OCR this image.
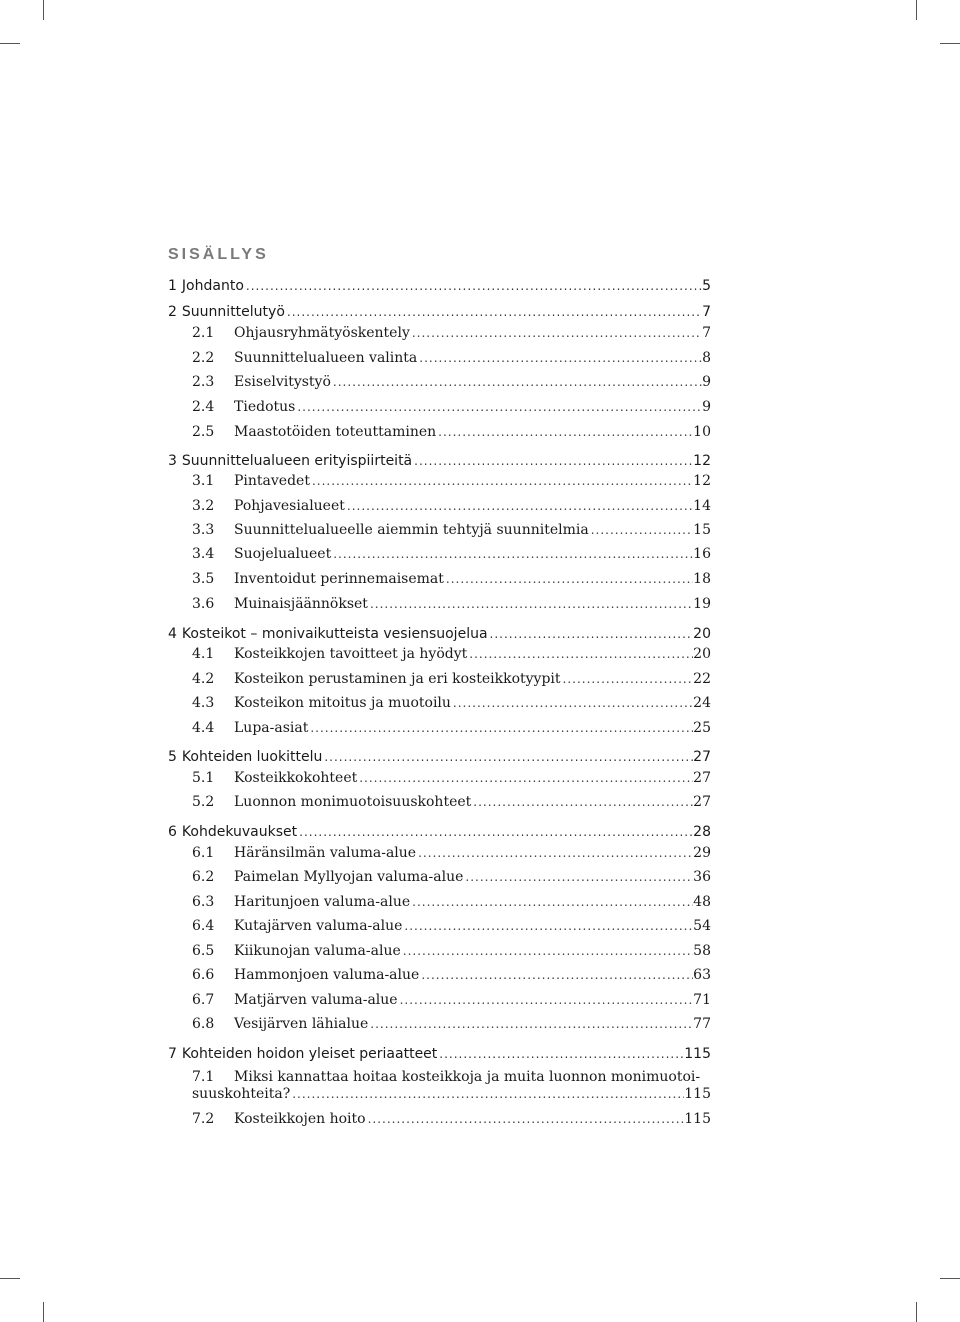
SISÄLLYS
1 Johdanto .....	5
2 Suunnittelutyö .....	7
2.1	Ohjausryhmätyöskentely .....	7
2.2	Suunnittelualueen valinta .....	8
2.3	Esiselvitystyö .....	9
2.4	Tiedotus .....	9
2.5	Maastotöiden toteuttaminen .....	10
3 Suunnittelualueen erityispiirteitä .....	12
3.1	Pintavedet .....	12
3.2	Pohjavesialueet .....	14
3.3	Suunnittelualueelle aiemmin tehtyjä suunnitelmia .....	15
3.4	Suojelualueet .....	16
3.5	Inventoidut perinnemaisemat .....	18
3.6	Muinaisjäännökset .....	19
4 Kosteikot – monivaikutteista vesiensuojelua .....	20
4.1	Kosteikkojen tavoitteet ja hyödyt .....	20
4.2	Kosteikon perustaminen ja eri kosteikkotyypit .....	22
4.3	Kosteikon mitoitus ja muotoilu .....	24
4.4	Lupa-asiat .....	25
5 Kohteiden luokittelu .....	27
5.1	Kosteikkokohteet .....	27
5.2	Luonnon monimuotoisuuskohteet .....	27
6 Kohdekuvaukset .....	28
6.1	Häränsilmän valuma-alue .....	29
6.2	Paimelan Myllyojan valuma-alue .....	36
6.3	Haritunjoen valuma-alue .....	48
6.4	Kutajärven valuma-alue .....	54
6.5	Kiikunojan valuma-alue .....	58
6.6	Hammonjoen valuma-alue .....	63
6.7	Matjärven valuma-alue .....	71
6.8	Vesijärven lähialue .....	77
7 Kohteiden hoidon yleiset periaatteet .....	115
7.1	Miksi kannattaa hoitaa kosteikkoja ja muita luonnon monimuotoi-
suuskohteita? .....	115
7.2	Kosteikkojen hoito .....	115
